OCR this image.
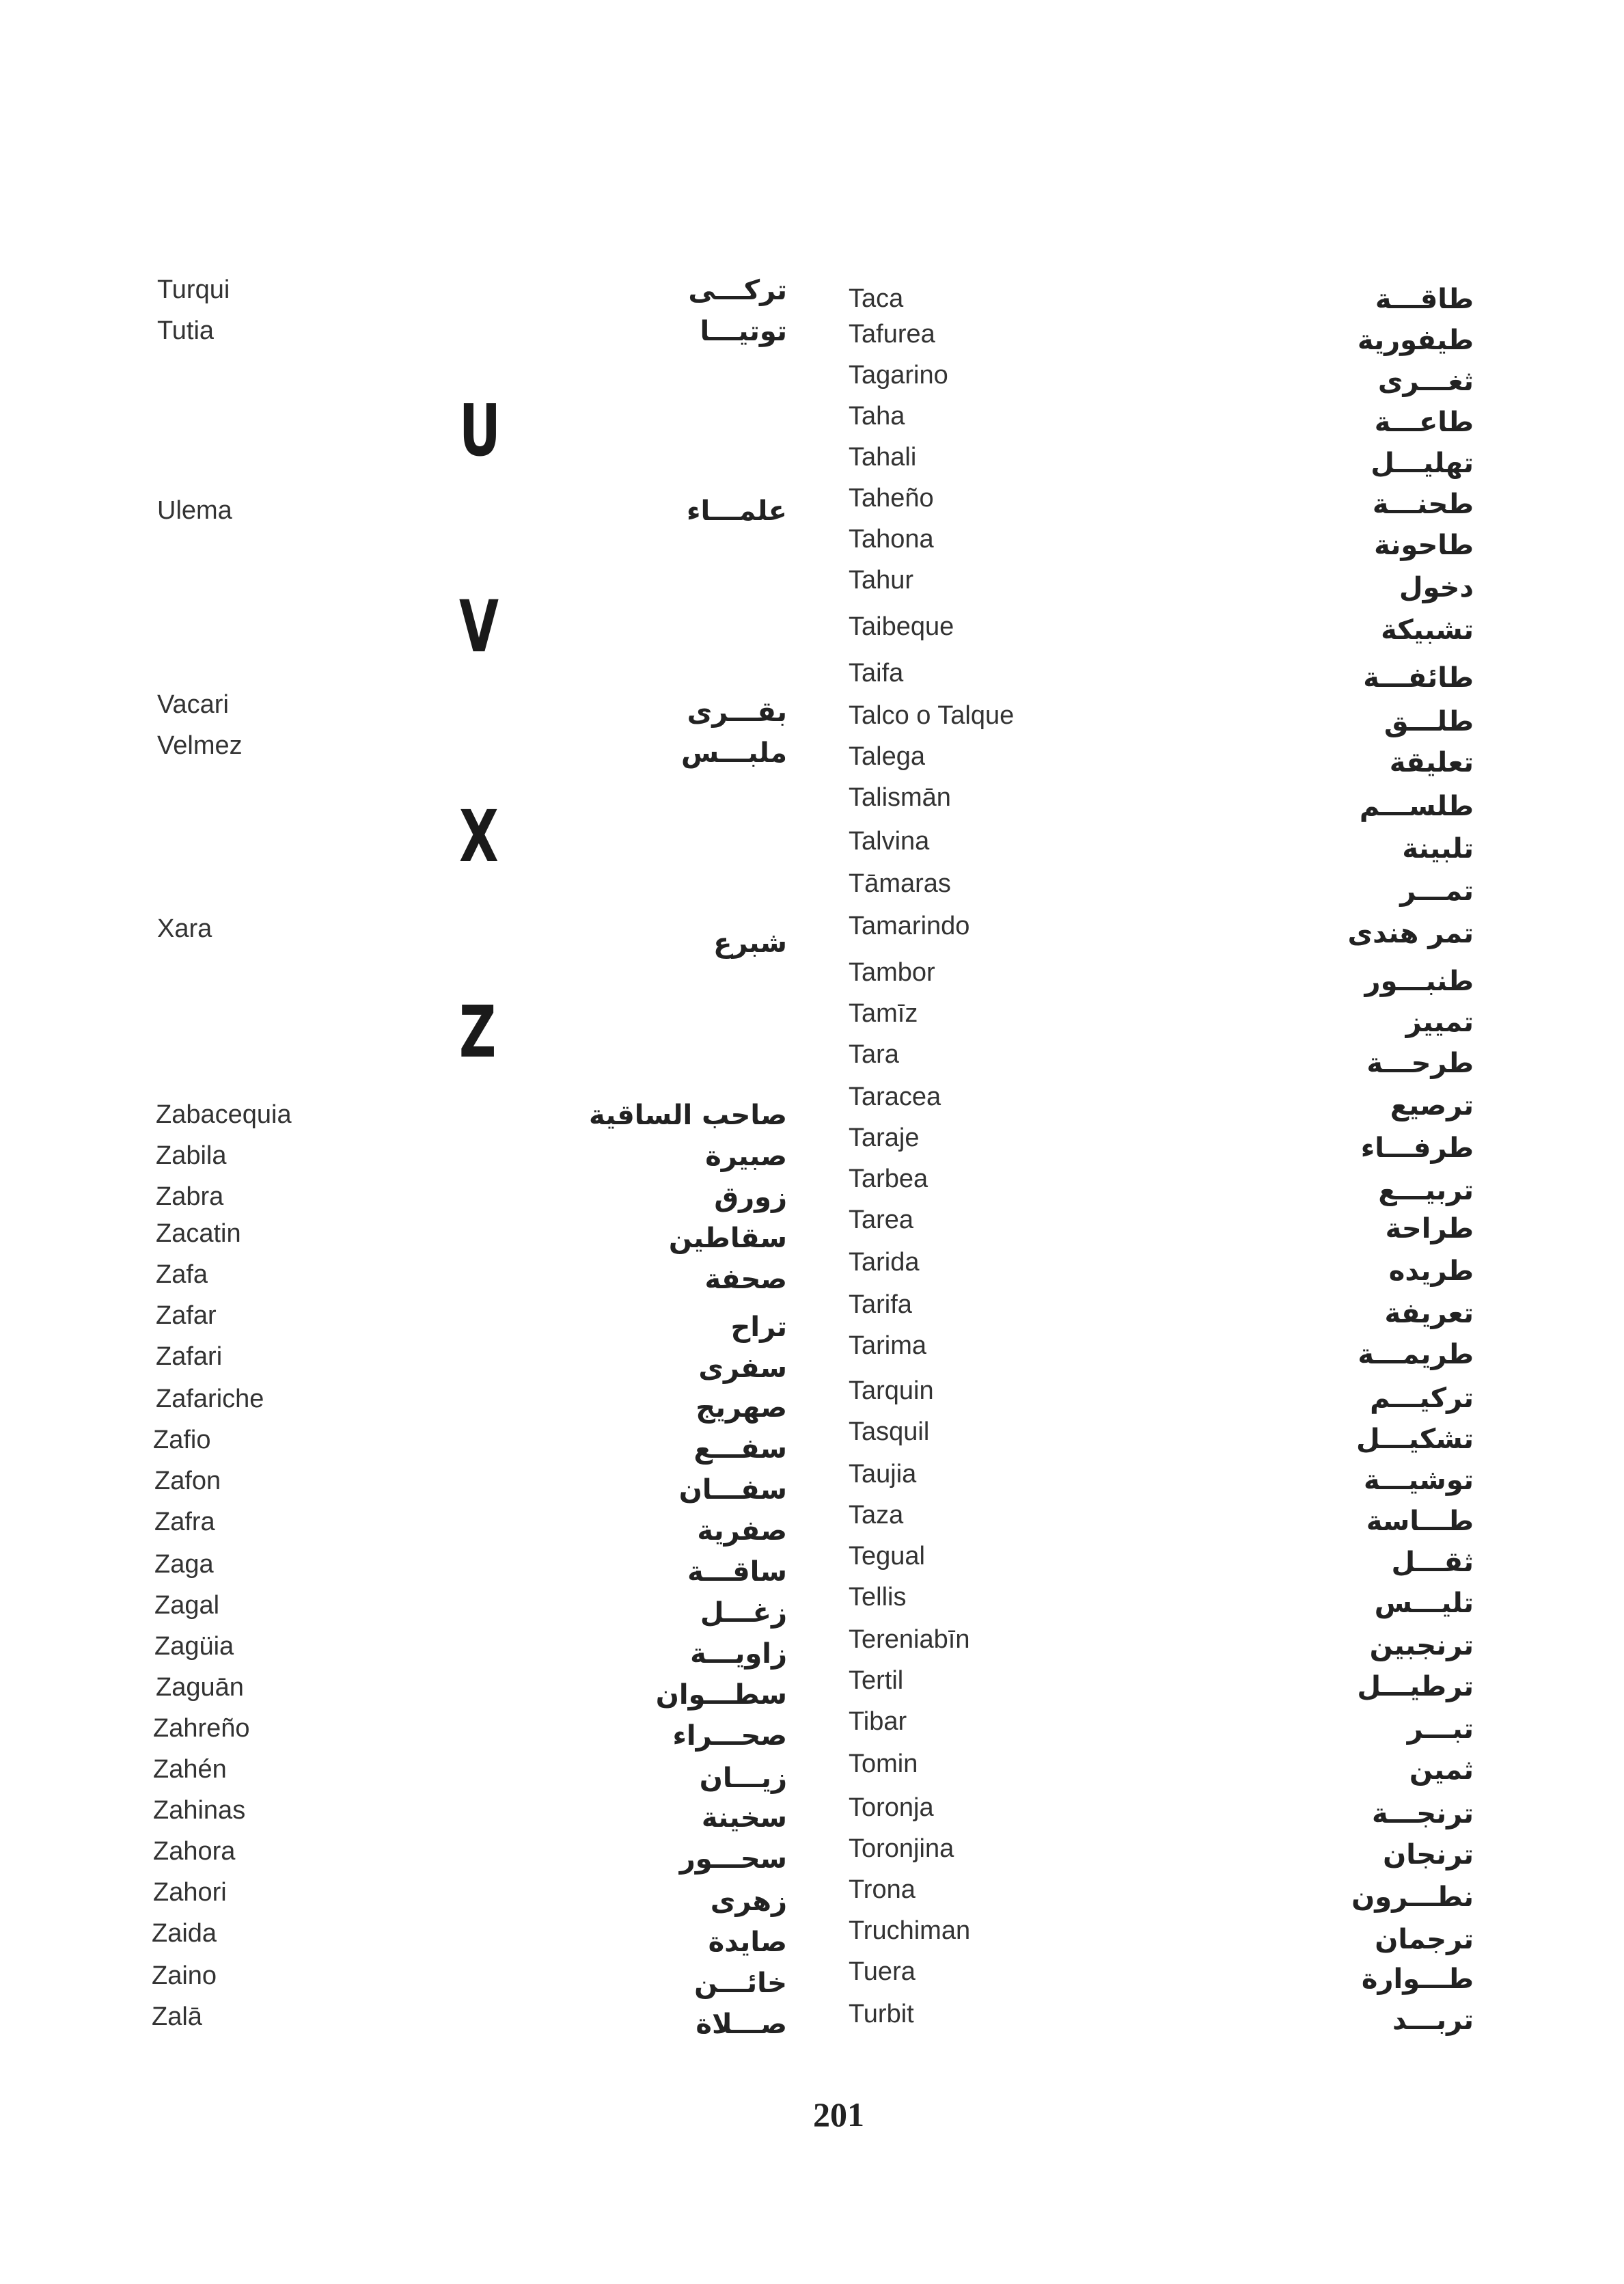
U
V
X
Z
Turqui	تركـــى
Tutia	توتيـــا
Ulema	علمـــاء
Vacari	بقـــرى
Velmez	ملبـــس
Xara	شبرع
Zabacequia	صاحب الساقية
Zabila	صبيرة
Zabra	زورق
Zacatin	سقاطين
Zafa	صحفة
Zafar	تراح
Zafari	سفرى
Zafariche	صهريج
Zafio	سفـــع
Zafon	سفـــان
Zafra	صفرية
Zaga	ساقـــة
Zagal	زغـــل
Zagüia	زاويـــة
Zaguān	سطـــوان
Zahreño	صحـــراء
Zahén	زيـــان
Zahinas	سخينة
Zahora	سحـــور
Zahori	زهرى
Zaida	صايدة
Zaino	خائـــن
Zalā	صـــلاة
Taca	طاقـــة
Tafurea	طيفورية
Tagarino	ثغـــرى
Taha	طاعـــة
Tahali	تهليـــل
Taheño	طحنـــة
Tahona	طاحونة
Tahur	دخول
Taibeque	تشبيكة
Taifa	طائفـــة
Talco o Talque	طلـــق
Talega	تعليقة
Talismān	طلســـم
Talvina	تلبينة
Tāmaras	تمـــر
Tamarindo	تمر هندى
Tambor	طنبـــور
Tamīz	تمييز
Tara	طرحـــة
Taracea	ترصيع
Taraje	طرفـــاء
Tarbea	تربيـــع
Tarea	طراحة
Tarida	طريده
Tarifa	تعريفة
Tarima	طريمـــة
Tarquin	تركيـــم
Tasquil	تشكيـــل
Taujia	توشيـــة
Taza	طـــاسة
Tegual	ثقـــل
Tellis	تليـــس
Tereniabīn	ترنجبين
Tertil	ترطيـــل
Tibar	تبـــر
Tomin	ثمين
Toronja	ترنجـــة
Toronjina	ترنجان
Trona	نطـــرون
Truchiman	ترجمان
Tuera	طـــوارة
Turbit	تربـــد
201
